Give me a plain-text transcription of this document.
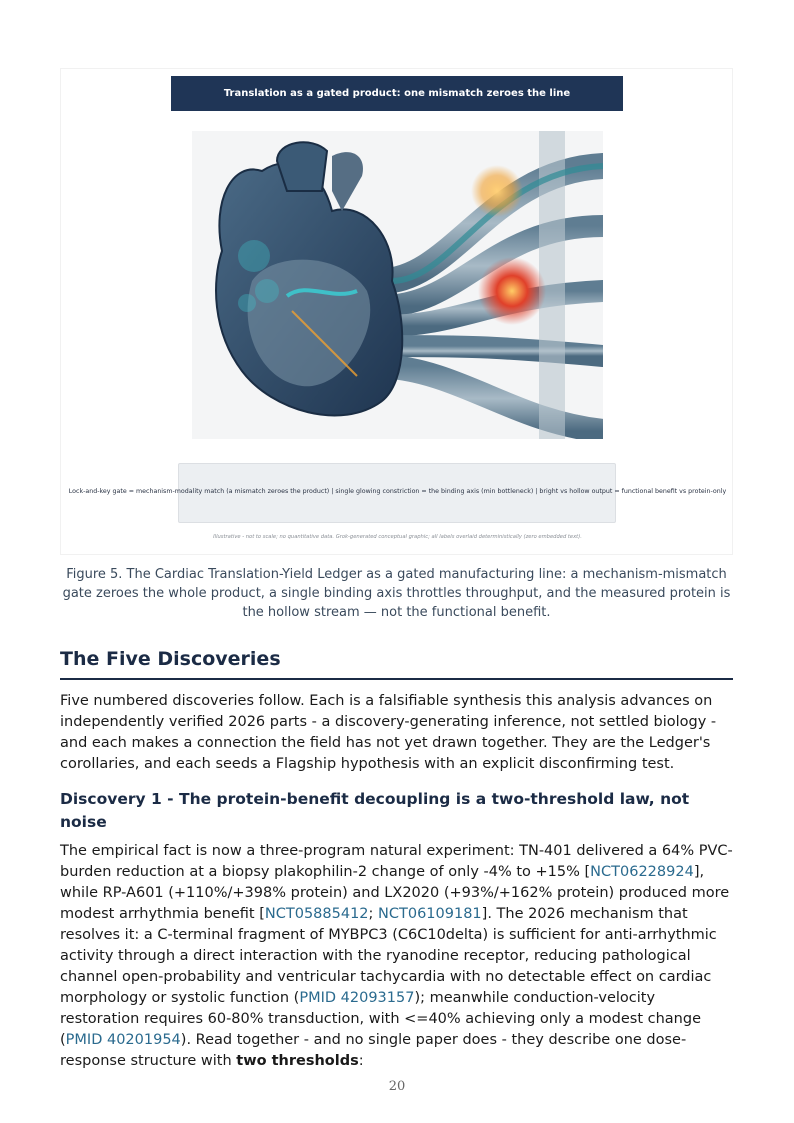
Translation as a gated product: one mismatch zeroes the line
Lock-and-key gate = mechanism-modality match (a mismatch zeroes the product) | single glowing constriction = the binding axis (min bottleneck) | bright vs hollow output = functional benefit vs protein-only
Illustrative - not to scale; no quantitative data. Grok-generated conceptual graphic; all labels overlaid deterministically (zero embedded text).
Figure 5. The Cardiac Translation-Yield Ledger as a gated manufacturing line: a mechanism-mismatch gate zeroes the whole product, a single binding axis throttles throughput, and the measured protein is the hollow stream — not the functional benefit.
The Five Discoveries

Five numbered discoveries follow. Each is a falsifiable synthesis this analysis advances on independently verified 2026 parts - a discovery-generating inference, not settled biology - and each makes a connection the field has not yet drawn together. They are the Ledger's corollaries, and each seeds a Flagship hypothesis with an explicit disconfirming test.

Discovery 1 - The protein-benefit decoupling is a two-threshold law, not noise

The empirical fact is now a three-program natural experiment: TN-401 delivered a 64% PVC-burden reduction at a biopsy plakophilin-2 change of only -4% to +15% [NCT06228924], while RP-A601 (+110%/+398% protein) and LX2020 (+93%/+162% protein) produced more modest arrhythmia benefit [NCT05885412; NCT06109181]. The 2026 mechanism that resolves it: a C-terminal fragment of MYBPC3 (C6C10delta) is sufficient for anti-arrhythmic activity through a direct interaction with the ryanodine receptor, reducing pathological channel open-probability and ventricular tachycardia with no detectable effect on cardiac morphology or systolic function (PMID 42093157); meanwhile conduction-velocity restoration requires 60-80% transduction, with <=40% achieving only a modest change (PMID 40201954). Read together - and no single paper does - they describe one dose-response structure with two thresholds:

20
